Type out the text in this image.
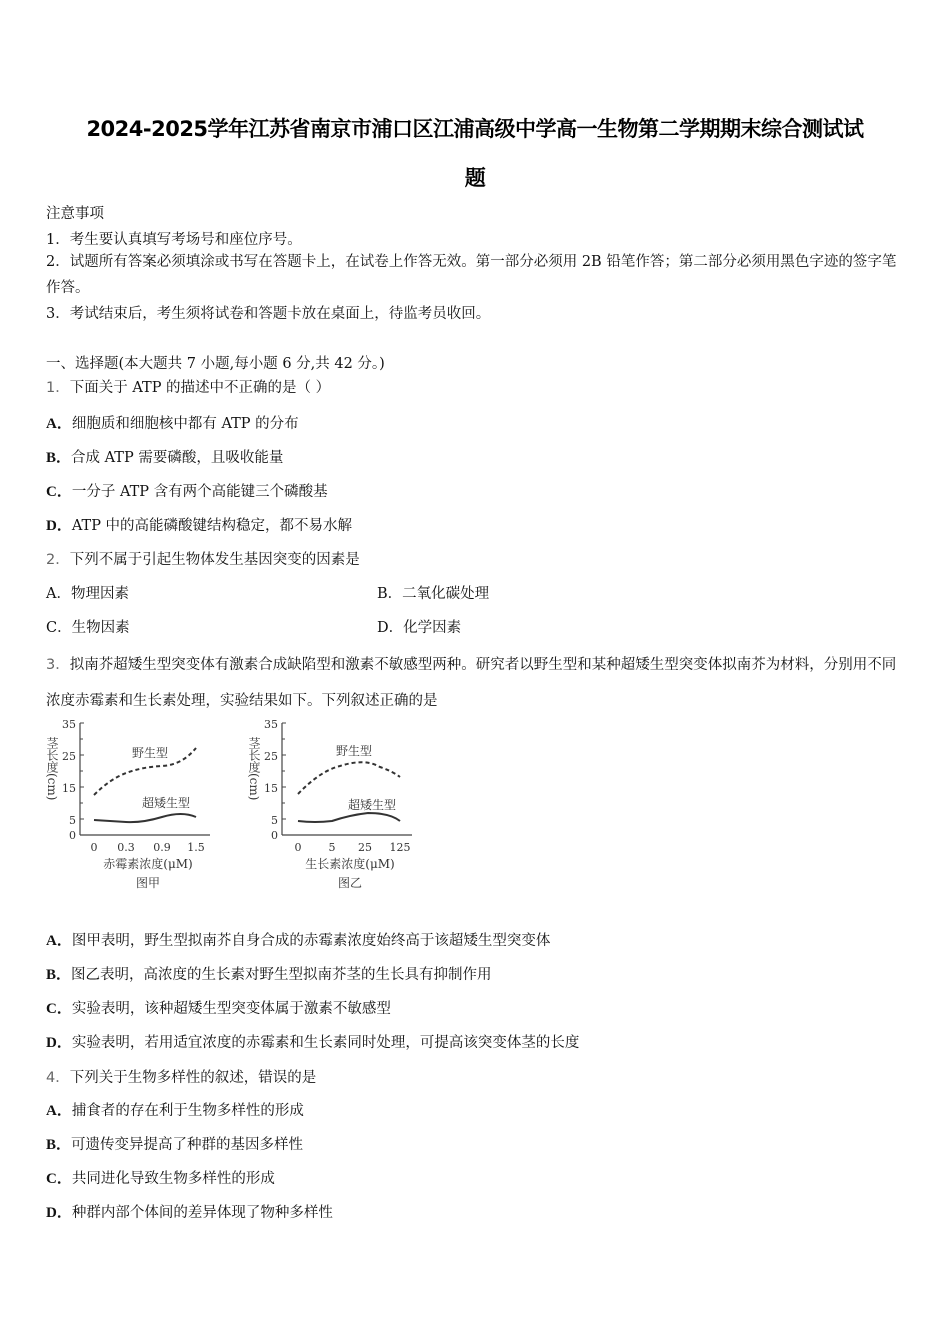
2024-2025学年江苏省南京市浦口区江浦高级中学高一生物第二学期期末综合测试试
题
注意事项
1．考生要认真填写考场号和座位序号。
2．试题所有答案必须填涂或书写在答题卡上，在试卷上作答无效。第一部分必须用 2B 铅笔作答；第二部分必须用黑色字迹的签字笔作答。
3．考试结束后，考生须将试卷和答题卡放在桌面上，待监考员收回。
一、选择题(本大题共 7 小题,每小题 6 分,共 42 分。)
1．下面关于 ATP 的描述中不正确的是（ ）
A．细胞质和细胞核中都有 ATP 的分布
B．合成 ATP 需要磷酸，且吸收能量
C．一分子 ATP 含有两个高能键三个磷酸基
D．ATP 中的高能磷酸键结构稳定，都不易水解
2．下列不属于引起生物体发生基因突变的因素是
A．物理因素	B．二氧化碳处理
C．生物因素	D．化学因素
3．拟南芥超矮生型突变体有激素合成缺陷型和激素不敏感型两种。研究者以野生型和某种超矮生型突变体拟南芥为材料，分别用不同浓度赤霉素和生长素处理，实验结果如下。下列叙述正确的是
35
25
15
5
0
茎长度(cm)
0 0.3 0.9 1.5
赤霉素浓度(μM)
野生型
超矮生型
图甲
35
25
15
5
0
茎长度(cm)
0 5 25 125
生长素浓度(μM)
野生型
超矮生型
图乙
A．图甲表明，野生型拟南芥自身合成的赤霉素浓度始终高于该超矮生型突变体
B．图乙表明，高浓度的生长素对野生型拟南芥茎的生长具有抑制作用
C．实验表明，该种超矮生型突变体属于激素不敏感型
D．实验表明，若用适宜浓度的赤霉素和生长素同时处理，可提高该突变体茎的长度
4．下列关于生物多样性的叙述，错误的是
A．捕食者的存在利于生物多样性的形成
B．可遗传变异提高了种群的基因多样性
C．共同进化导致生物多样性的形成
D．种群内部个体间的差异体现了物种多样性
